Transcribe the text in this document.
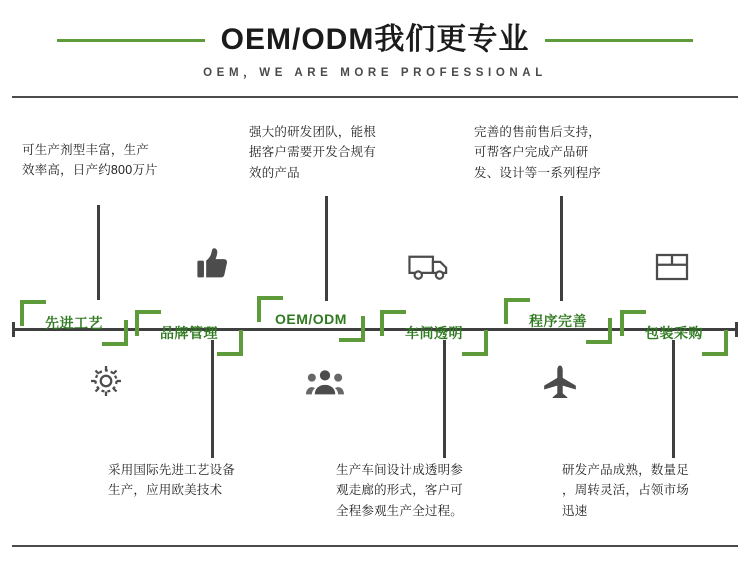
OEM/ODM我们更专业
OEM，WE ARE MORE PROFESSIONAL
先进工艺
品牌管理
OEM/ODM
车间透明
程序完善
包装采购
可生产剂型丰富，生产
效率高，日产约800万片
采用国际先进工艺设备
生产，应用欧美技术
强大的研发团队，能根
据客户需要开发合规有
效的产品
生产车间设计成透明参
观走廊的形式，客户可
全程参观生产全过程。
完善的售前售后支持，
可帮客户完成产品研
发、设计等一系列程序
研发产品成熟，数量足
，周转灵活，占领市场
迅速
